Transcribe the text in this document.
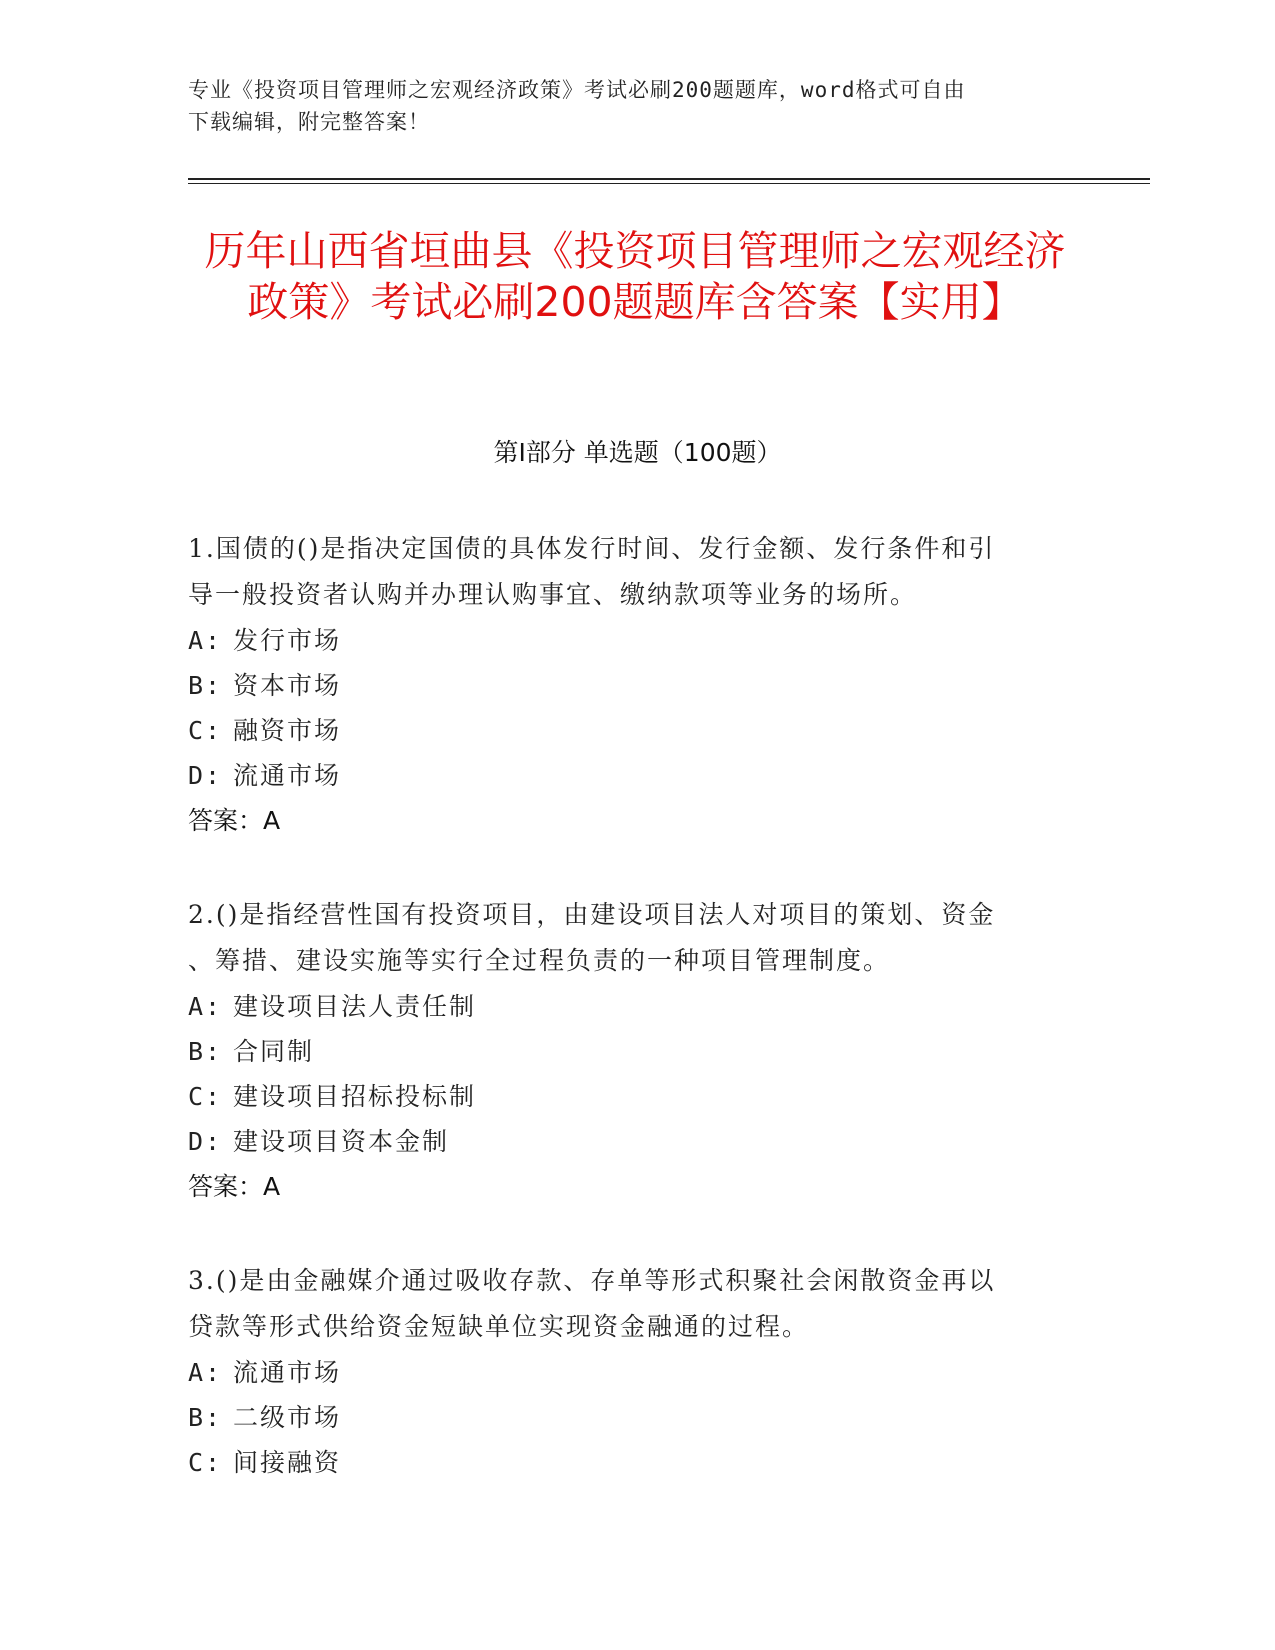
专业《投资项目管理师之宏观经济政策》考试必刷200题题库，word格式可自由
下载编辑，附完整答案！
历年山西省垣曲县《投资项目管理师之宏观经济政策》考试必刷200题题库含答案【实用】
第I部分 单选题（100题）
1.国债的()是指决定国债的具体发行时间、发行金额、发行条件和引
导一般投资者认购并办理认购事宜、缴纳款项等业务的场所。
A: 发行市场
B: 资本市场
C: 融资市场
D: 流通市场
答案：A
2.()是指经营性国有投资项目，由建设项目法人对项目的策划、资金
、筹措、建设实施等实行全过程负责的一种项目管理制度。
A: 建设项目法人责任制
B: 合同制
C: 建设项目招标投标制
D: 建设项目资本金制
答案：A
3.()是由金融媒介通过吸收存款、存单等形式积聚社会闲散资金再以
贷款等形式供给资金短缺单位实现资金融通的过程。
A: 流通市场
B: 二级市场
C: 间接融资
